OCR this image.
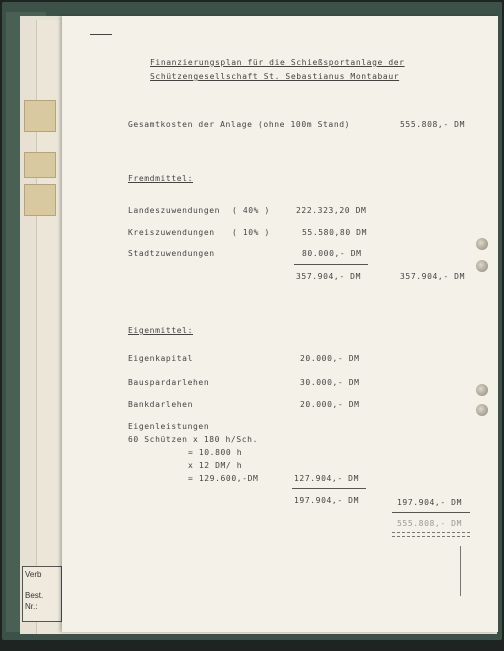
Verb
Best.
Nr.:
Finanzierungsplan für die Schießsportanlage der
Schützengesellschaft St. Sebastianus Montabaur
Gesamtkosten der Anlage (ohne 100m Stand)	555.808,- DM
Fremdmittel:
Landeszuwendungen ( 40% )	222.323,20 DM
Kreiszuwendungen ( 10% )	55.580,80 DM
Stadtzuwendungen	80.000,- DM
357.904,- DM	357.904,- DM
Eigenmittel:
Eigenkapital	20.000,- DM
Bauspardarlehen	30.000,- DM
Bankdarlehen	20.000,- DM
Eigenleistungen
60 Schützen x 180 h/Sch.
= 10.800 h
x 12 DM/ h
= 129.600,-DM	127.904,- DM
197.904,- DM	197.904,- DM
555.808,- DM
